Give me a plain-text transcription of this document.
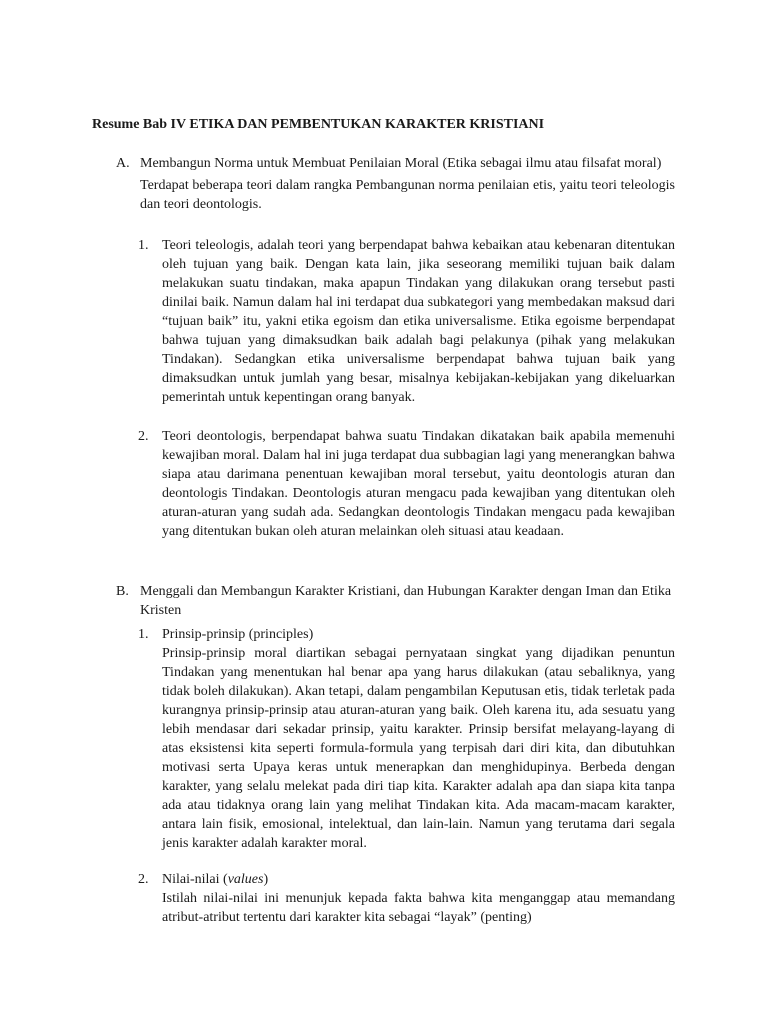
Resume Bab IV ETIKA DAN PEMBENTUKAN KARAKTER KRISTIANI
A. Membangun Norma untuk Membuat Penilaian Moral (Etika sebagai ilmu atau filsafat moral)
Terdapat beberapa teori dalam rangka Pembangunan norma penilaian etis, yaitu teori teleologis dan teori deontologis.
1. Teori teleologis, adalah teori yang berpendapat bahwa kebaikan atau kebenaran ditentukan oleh tujuan yang baik. Dengan kata lain, jika seseorang memiliki tujuan baik dalam melakukan suatu tindakan, maka apapun Tindakan yang dilakukan orang tersebut pasti dinilai baik. Namun dalam hal ini terdapat dua subkategori yang membedakan maksud dari “tujuan baik” itu, yakni etika egoism dan etika universalisme. Etika egoisme berpendapat bahwa tujuan yang dimaksudkan baik adalah bagi pelakunya (pihak yang melakukan Tindakan). Sedangkan etika universalisme berpendapat bahwa tujuan baik yang dimaksudkan untuk jumlah yang besar, misalnya kebijakan-kebijakan yang dikeluarkan pemerintah untuk kepentingan orang banyak.
2. Teori deontologis, berpendapat bahwa suatu Tindakan dikatakan baik apabila memenuhi kewajiban moral. Dalam hal ini juga terdapat dua subbagian lagi yang menerangkan bahwa siapa atau darimana penentuan kewajiban moral tersebut, yaitu deontologis aturan dan deontologis Tindakan. Deontologis aturan mengacu pada kewajiban yang ditentukan oleh aturan-aturan yang sudah ada. Sedangkan deontologis Tindakan mengacu pada kewajiban yang ditentukan bukan oleh aturan melainkan oleh situasi atau keadaan.
B. Menggali dan Membangun Karakter Kristiani, dan Hubungan Karakter dengan Iman dan Etika Kristen
1. Prinsip-prinsip (principles)
Prinsip-prinsip moral diartikan sebagai pernyataan singkat yang dijadikan penuntun Tindakan yang menentukan hal benar apa yang harus dilakukan (atau sebaliknya, yang tidak boleh dilakukan). Akan tetapi, dalam pengambilan Keputusan etis, tidak terletak pada kurangnya prinsip-prinsip atau aturan-aturan yang baik. Oleh karena itu, ada sesuatu yang lebih mendasar dari sekadar prinsip, yaitu karakter. Prinsip bersifat melayang-layang di atas eksistensi kita seperti formula-formula yang terpisah dari diri kita, dan dibutuhkan motivasi serta Upaya keras untuk menerapkan dan menghidupinya. Berbeda dengan karakter, yang selalu melekat pada diri tiap kita. Karakter adalah apa dan siapa kita tanpa ada atau tidaknya orang lain yang melihat Tindakan kita. Ada macam-macam karakter, antara lain fisik, emosional, intelektual, dan lain-lain. Namun yang terutama dari segala jenis karakter adalah karakter moral.
2. Nilai-nilai (values)
Istilah nilai-nilai ini menunjuk kepada fakta bahwa kita menganggap atau memandang atribut-atribut tertentu dari karakter kita sebagai “layak” (penting)
